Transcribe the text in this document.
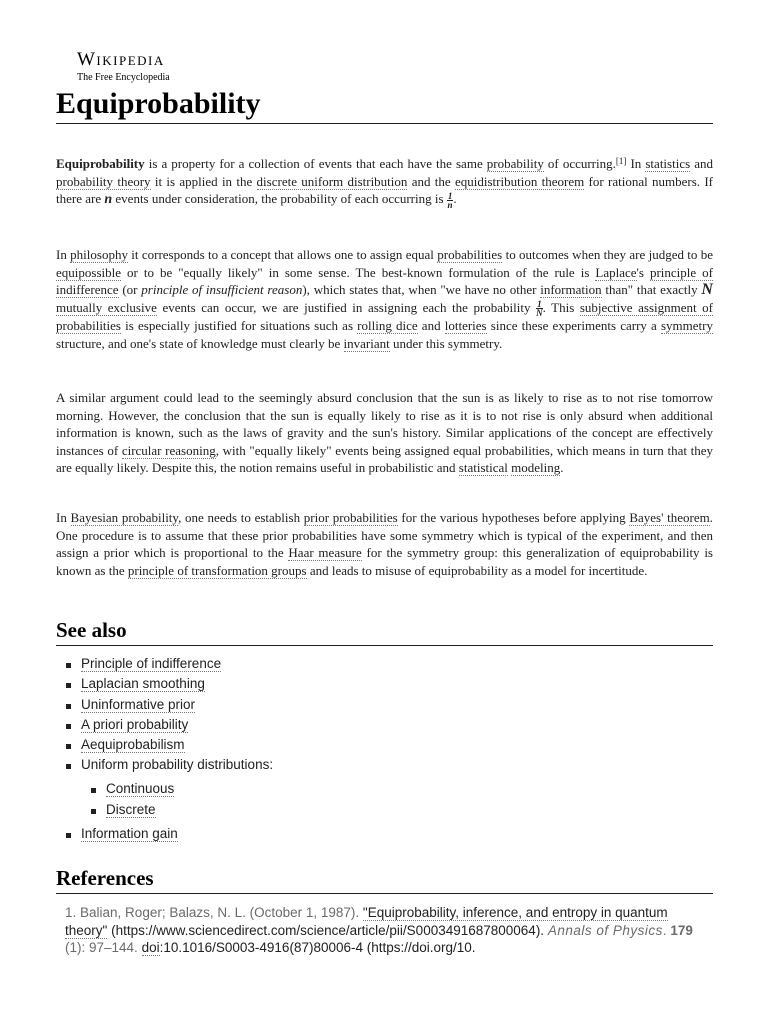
Wikipedia
The Free Encyclopedia
Equiprobability
Equiprobability is a property for a collection of events that each have the same probability of occurring.[1] In statistics and probability theory it is applied in the discrete uniform distribution and the equidistribution theorem for rational numbers. If there are n events under consideration, the probability of each occurring is $\frac{1}{n}$ .
In philosophy it corresponds to a concept that allows one to assign equal probabilities to outcomes when they are judged to be equipossible or to be "equally likely" in some sense. The best-known formulation of the rule is Laplace's principle of indifference (or principle of insufficient reason), which states that, when "we have no other information than" that exactly N mutually exclusive events can occur, we are justified in assigning each the probability $\frac{1}{N}$ . This subjective assignment of probabilities is especially justified for situations such as rolling dice and lotteries since these experiments carry a symmetry structure, and one's state of knowledge must clearly be invariant under this symmetry.
A similar argument could lead to the seemingly absurd conclusion that the sun is as likely to rise as to not rise tomorrow morning. However, the conclusion that the sun is equally likely to rise as it is to not rise is only absurd when additional information is known, such as the laws of gravity and the sun's history. Similar applications of the concept are effectively instances of circular reasoning, with "equally likely" events being assigned equal probabilities, which means in turn that they are equally likely. Despite this, the notion remains useful in probabilistic and statistical modeling.
In Bayesian probability, one needs to establish prior probabilities for the various hypotheses before applying Bayes' theorem. One procedure is to assume that these prior probabilities have some symmetry which is typical of the experiment, and then assign a prior which is proportional to the Haar measure for the symmetry group: this generalization of equiprobability is known as the principle of transformation groups and leads to misuse of equiprobability as a model for incertitude.
See also
Principle of indifference
Laplacian smoothing
Uninformative prior
A priori probability
Aequiprobabilism
Uniform probability distributions:
Continuous
Discrete
Information gain
References
1. Balian, Roger; Balazs, N. L. (October 1, 1987). "Equiprobability, inference, and entropy in quantum theory" (https://www.sciencedirect.com/science/article/pii/S0003491687800064). Annals of Physics. 179 (1): 97–144. doi:10.1016/S0003-4916(87)80006-4 (https://doi.org/10.
